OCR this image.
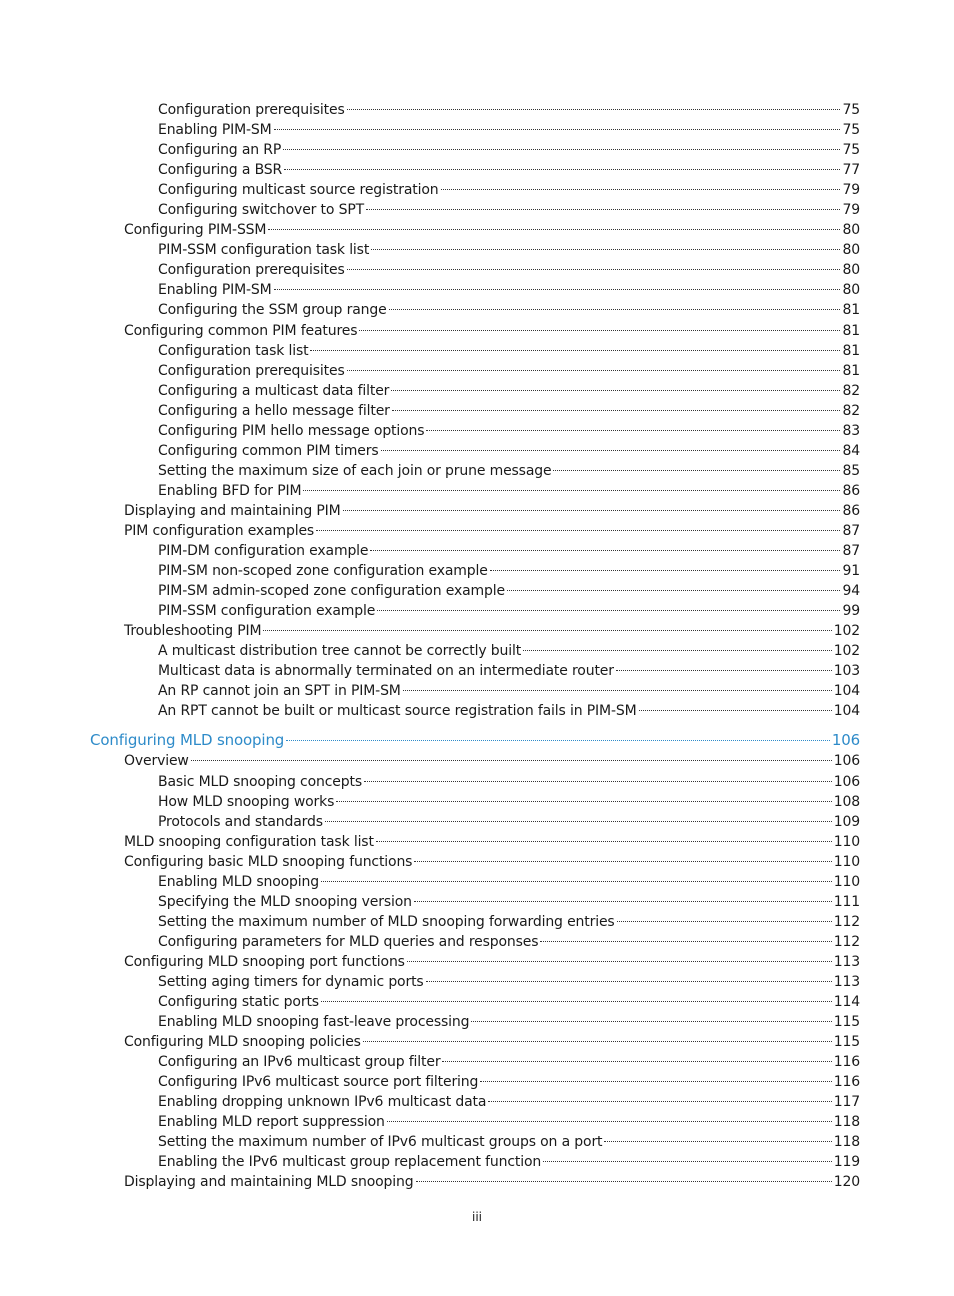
Configuration prerequisites	75
Enabling PIM-SM	75
Configuring an RP	75
Configuring a BSR	77
Configuring multicast source registration	79
Configuring switchover to SPT	79
Configuring PIM-SSM	80
PIM-SSM configuration task list	80
Configuration prerequisites	80
Enabling PIM-SM	80
Configuring the SSM group range	81
Configuring common PIM features	81
Configuration task list	81
Configuration prerequisites	81
Configuring a multicast data filter	82
Configuring a hello message filter	82
Configuring PIM hello message options	83
Configuring common PIM timers	84
Setting the maximum size of each join or prune message	85
Enabling BFD for PIM	86
Displaying and maintaining PIM	86
PIM configuration examples	87
PIM-DM configuration example	87
PIM-SM non-scoped zone configuration example	91
PIM-SM admin-scoped zone configuration example	94
PIM-SSM configuration example	99
Troubleshooting PIM	102
A multicast distribution tree cannot be correctly built	102
Multicast data is abnormally terminated on an intermediate router	103
An RP cannot join an SPT in PIM-SM	104
An RPT cannot be built or multicast source registration fails in PIM-SM	104
Configuring MLD snooping	106
Overview	106
Basic MLD snooping concepts	106
How MLD snooping works	108
Protocols and standards	109
MLD snooping configuration task list	110
Configuring basic MLD snooping functions	110
Enabling MLD snooping	110
Specifying the MLD snooping version	111
Setting the maximum number of MLD snooping forwarding entries	112
Configuring parameters for MLD queries and responses	112
Configuring MLD snooping port functions	113
Setting aging timers for dynamic ports	113
Configuring static ports	114
Enabling MLD snooping fast-leave processing	115
Configuring MLD snooping policies	115
Configuring an IPv6 multicast group filter	116
Configuring IPv6 multicast source port filtering	116
Enabling dropping unknown IPv6 multicast data	117
Enabling MLD report suppression	118
Setting the maximum number of IPv6 multicast groups on a port	118
Enabling the IPv6 multicast group replacement function	119
Displaying and maintaining MLD snooping	120
iii
